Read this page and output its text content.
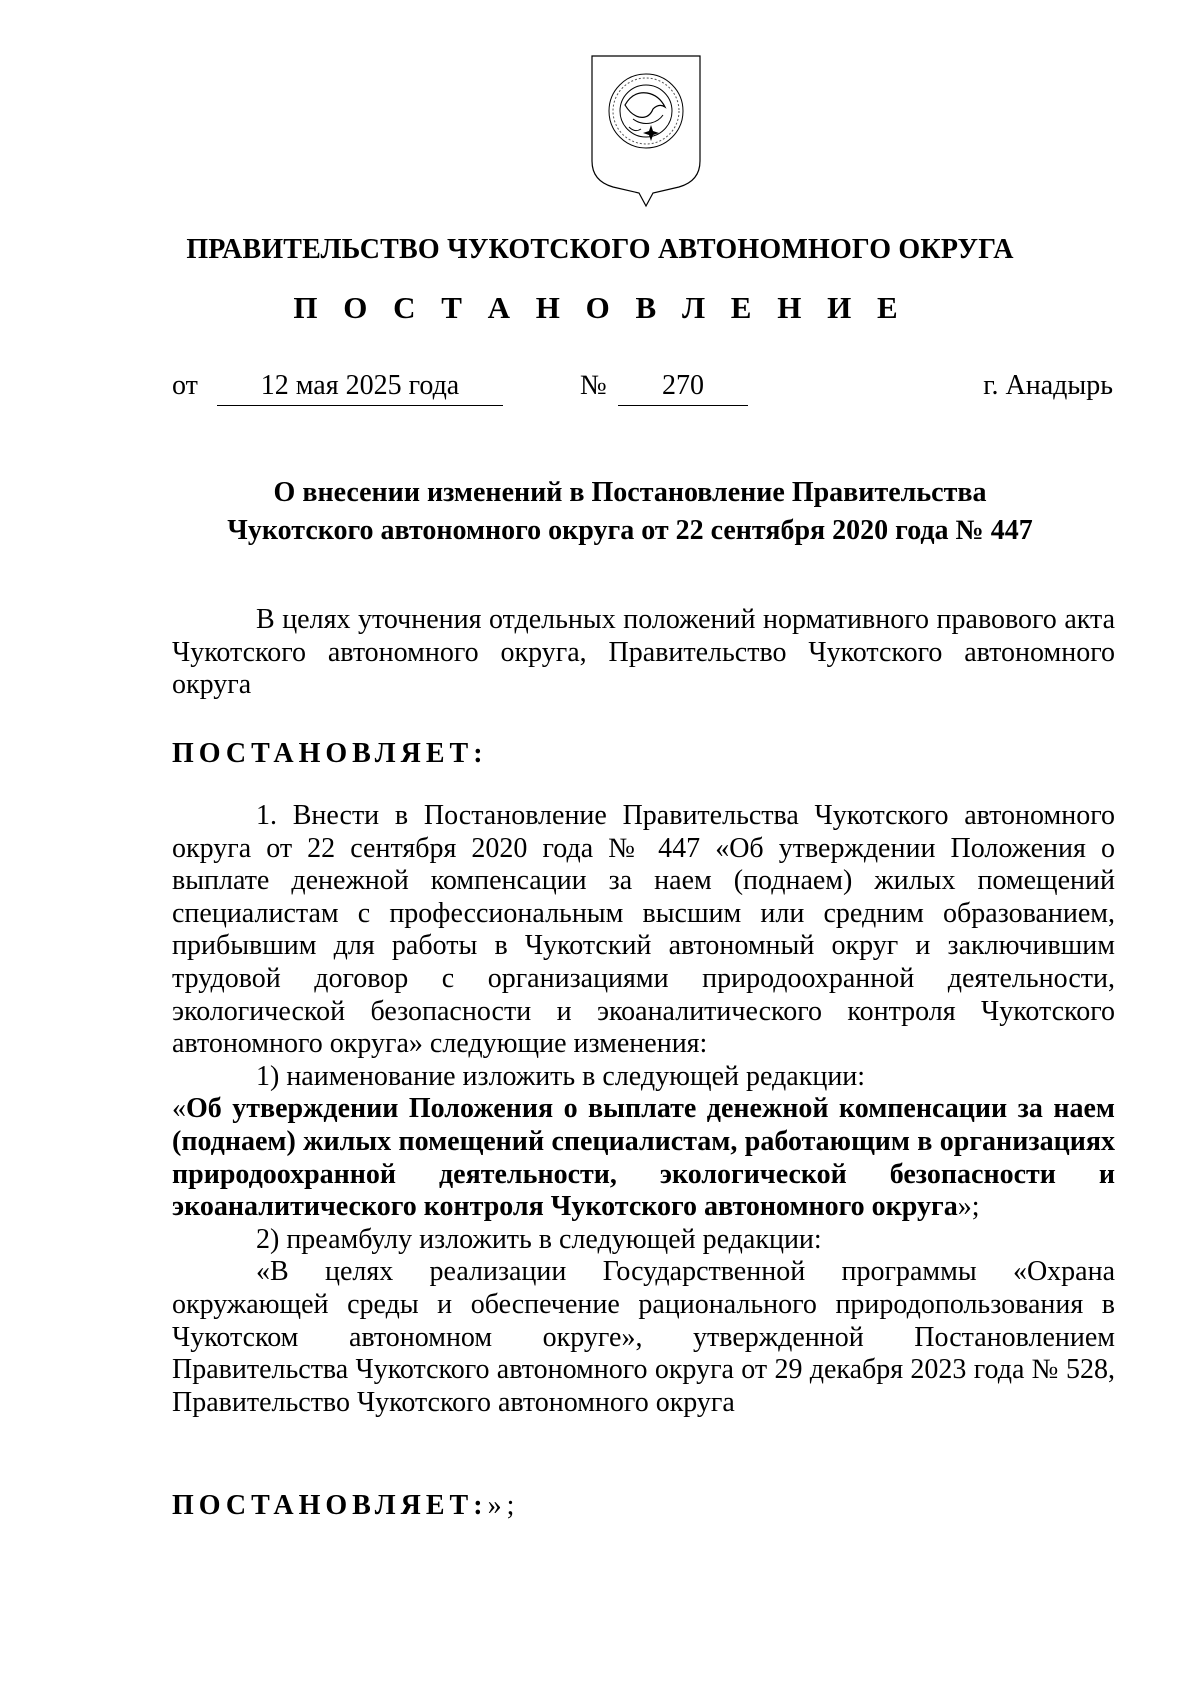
ПРАВИТЕЛЬСТВО ЧУКОТСКОГО АВТОНОМНОГО ОКРУГА
П О С Т А Н О В Л Е Н И Е
от	12 мая 2025 года	№	270	г. Анадырь
О внесении изменений в Постановление Правительства
Чукотского автономного округа от 22 сентября 2020 года № 447

В целях уточнения отдельных положений нормативного правового акта Чукотского автономного округа, Правительство Чукотского автономного округа

ПОСТАНОВЛЯЕТ:

1. Внести в Постановление Правительства Чукотского автономного округа от 22 сентября 2020 года № 447 «Об утверждении Положения о выплате денежной компенсации за наем (поднаем) жилых помещений специалистам с профессиональным высшим или средним образованием, прибывшим для работы в Чукотский автономный округ и заключившим трудовой договор с организациями природоохранной деятельности, экологической безопасности и экоаналитического контроля Чукотского автономного округа» следующие изменения:

1) наименование изложить в следующей редакции:

«Об утверждении Положения о выплате денежной компенсации за наем (поднаем) жилых помещений специалистам, работающим в организациях природоохранной деятельности, экологической безопасности и экоаналитического контроля Чукотского автономного округа»;

2) преамбулу изложить в следующей редакции:

«В целях реализации Государственной программы «Охрана окружающей среды и обеспечение рационального природопользования в Чукотском автономном округе», утвержденной Постановлением Правительства Чукотского автономного округа от 29 декабря 2023 года № 528, Правительство Чукотского автономного округа

ПОСТАНОВЛЯЕТ:»;
